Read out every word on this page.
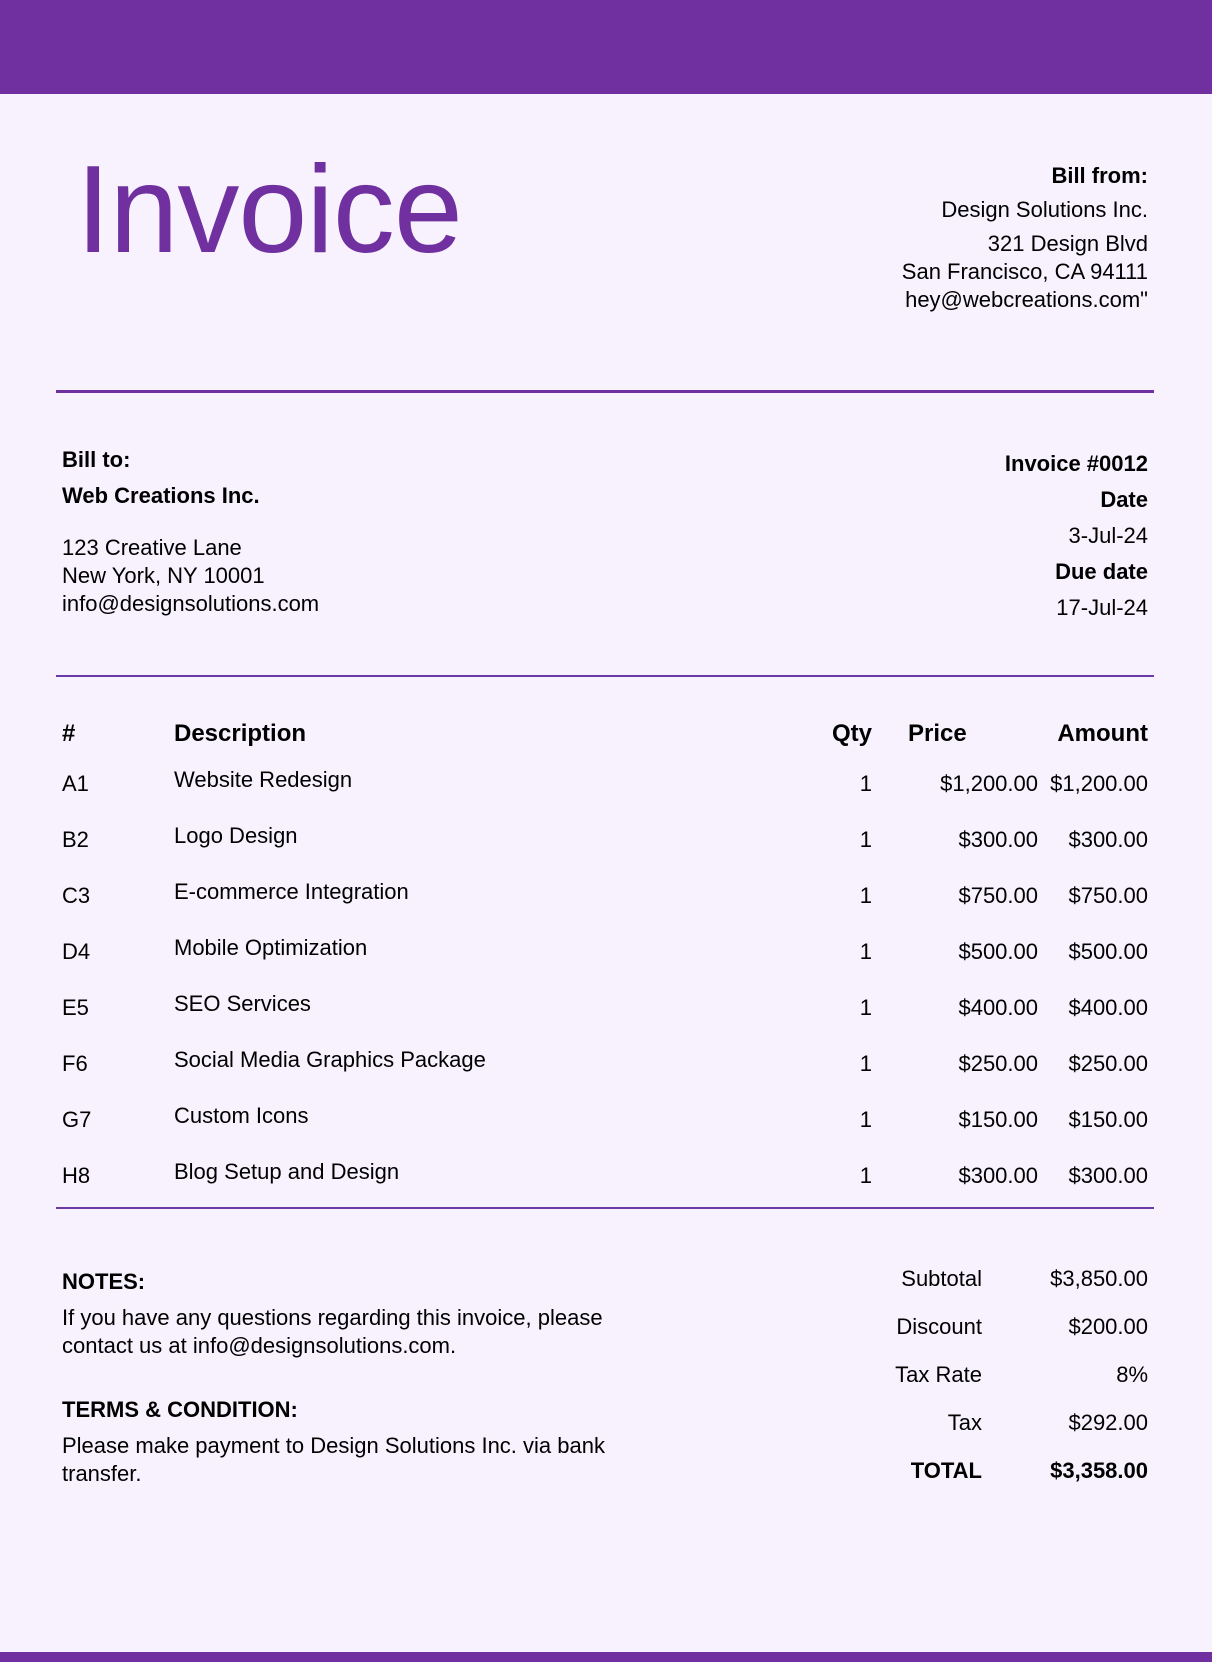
Invoice	Bill from:
Design Solutions Inc.
321 Design Blvd
San Francisco, CA 94111
hey@webcreations.com"
Bill to:
Web Creations Inc.
123 Creative Lane
New York, NY 10001
info@designsolutions.com
Invoice #0012
Date
3-Jul-24
Due date
17-Jul-24
#	Description	Qty	Price	Amount
A1	Website Redesign	1	$1,200.00	$1,200.00
B2	Logo Design	1	$300.00	$300.00
C3	E-commerce Integration	1	$750.00	$750.00
D4	Mobile Optimization	1	$500.00	$500.00
E5	SEO Services	1	$400.00	$400.00
F6	Social Media Graphics Package	1	$250.00	$250.00
G7	Custom Icons	1	$150.00	$150.00
H8	Blog Setup and Design	1	$300.00	$300.00
NOTES:
If you have any questions regarding this invoice, please contact us at info@designsolutions.com.
TERMS & CONDITION:
Please make payment to Design Solutions Inc. via bank transfer.
Subtotal	$3,850.00
Discount	$200.00
Tax Rate	8%
Tax	$292.00
TOTAL	$3,358.00
